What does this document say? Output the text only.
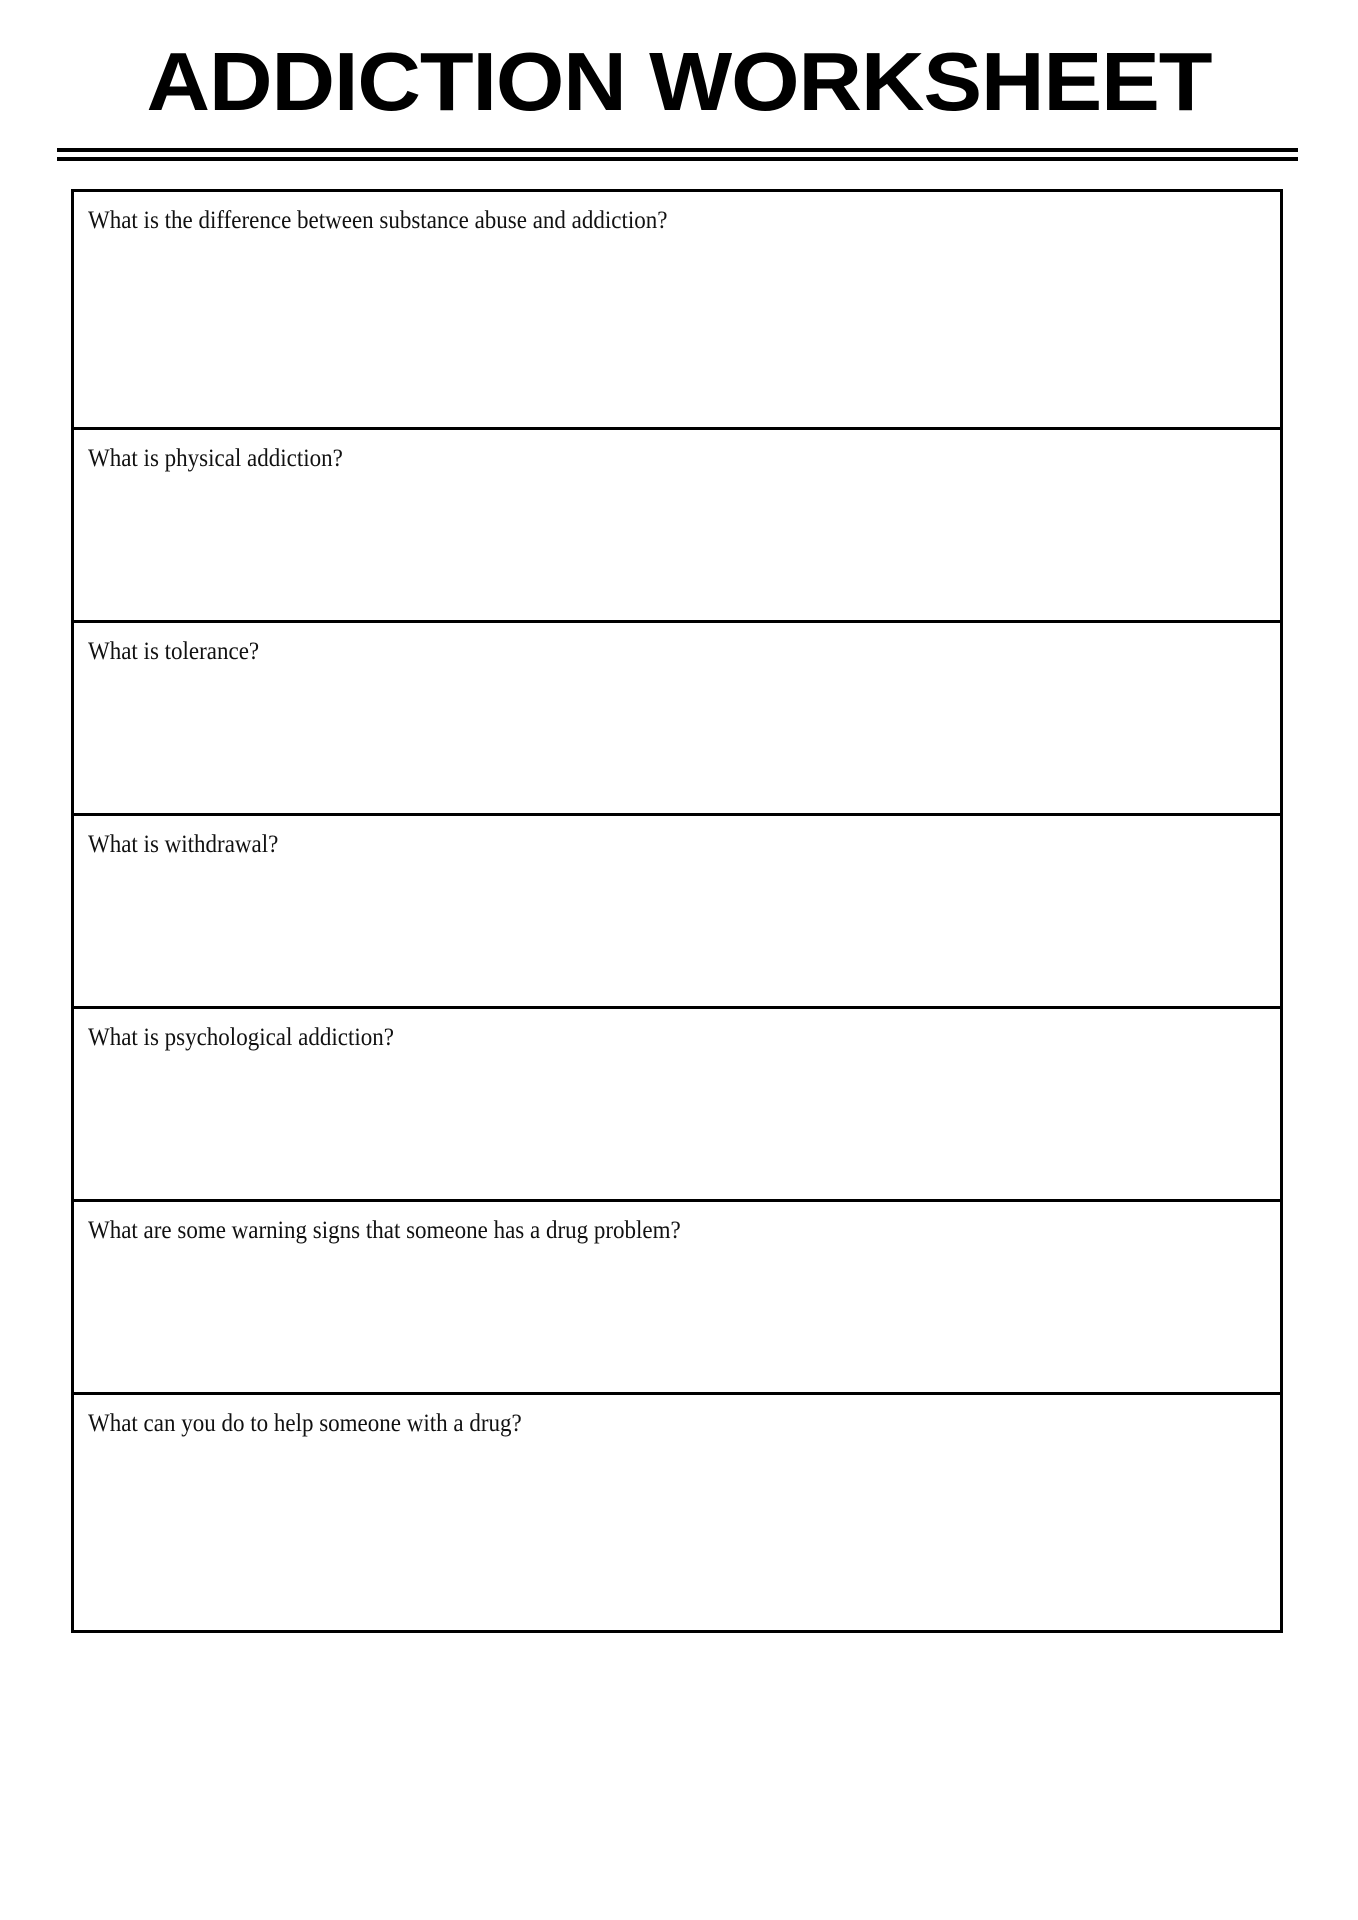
ADDICTION WORKSHEET
What is the difference between substance abuse and addiction?

What is physical addiction?

What is tolerance?

What is withdrawal?

What is psychological addiction?

What are some warning signs that someone has a drug problem?

What can you do to help someone with a drug?
